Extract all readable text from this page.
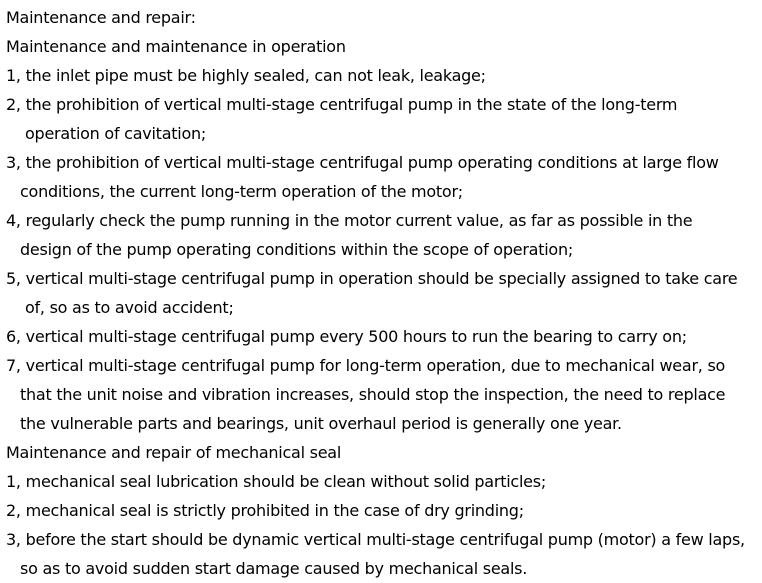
Maintenance and repair:
Maintenance and maintenance in operation
1, the inlet pipe must be highly sealed, can not leak, leakage;
2, the prohibition of vertical multi-stage centrifugal pump in the state of the long-term
operation of cavitation;
3, the prohibition of vertical multi-stage centrifugal pump operating conditions at large flow
conditions, the current long-term operation of the motor;
4, regularly check the pump running in the motor current value, as far as possible in the
design of the pump operating conditions within the scope of operation;
5, vertical multi-stage centrifugal pump in operation should be specially assigned to take care
of, so as to avoid accident;
6, vertical multi-stage centrifugal pump every 500 hours to run the bearing to carry on;
7, vertical multi-stage centrifugal pump for long-term operation, due to mechanical wear, so
that the unit noise and vibration increases, should stop the inspection, the need to replace
the vulnerable parts and bearings, unit overhaul period is generally one year.
Maintenance and repair of mechanical seal
1, mechanical seal lubrication should be clean without solid particles;
2, mechanical seal is strictly prohibited in the case of dry grinding;
3, before the start should be dynamic vertical multi-stage centrifugal pump (motor) a few laps,
so as to avoid sudden start damage caused by mechanical seals.
